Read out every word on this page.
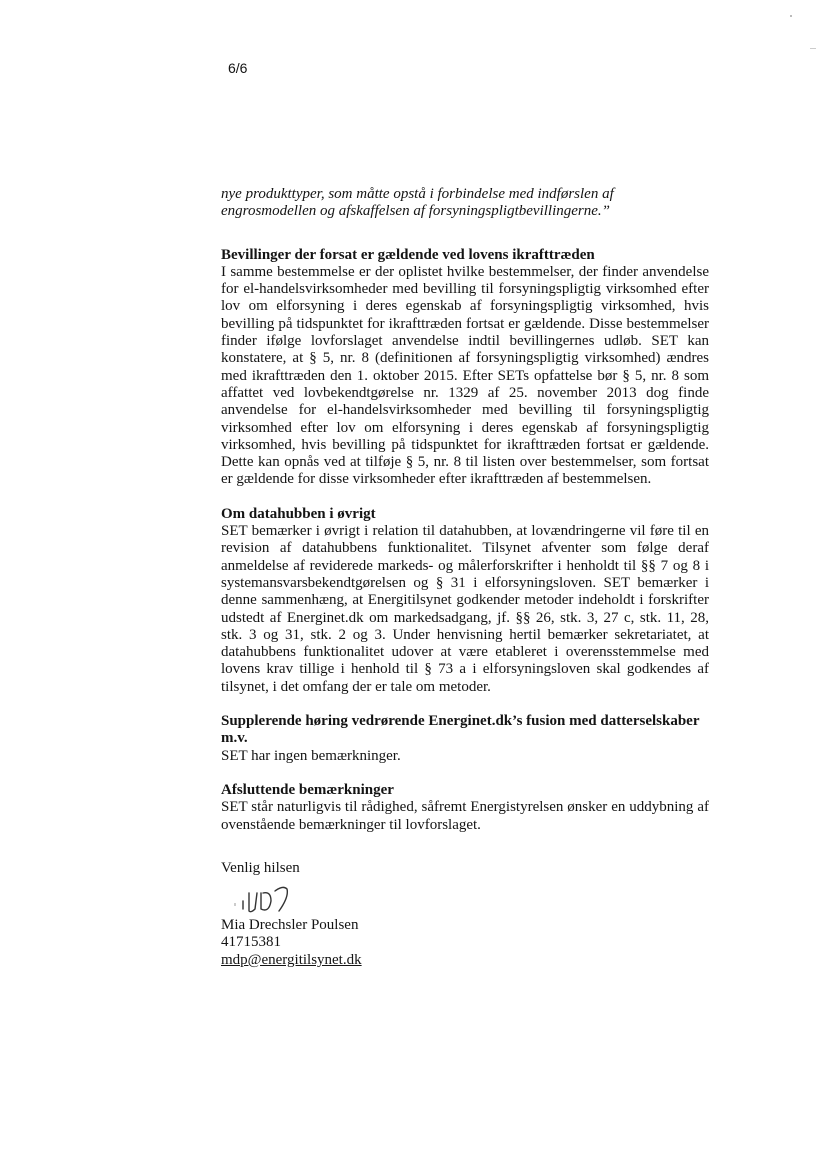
6/6

nye produkttyper, som måtte opstå i forbindelse med indførslen af engrosmodellen og afskaffelsen af forsyningspligtbevillingerne.”

Bevillinger der forsat er gældende ved lovens ikrafttræden

I samme bestemmelse er der oplistet hvilke bestemmelser, der finder anvendelse for el-handelsvirksomheder med bevilling til forsyningspligtig virksomhed efter lov om elforsyning i deres egenskab af forsyningspligtig virksomhed, hvis bevilling på tidspunktet for ikrafttræden fortsat er gældende. Disse bestemmelser finder ifølge lovforslaget anvendelse indtil bevillingernes udløb. SET kan konstatere, at § 5, nr. 8 (definitionen af forsyningspligtig virksomhed) ændres med ikrafttræden den 1. oktober 2015. Efter SETs opfattelse bør § 5, nr. 8 som affattet ved lovbekendtgørelse nr. 1329 af 25. november 2013 dog finde anvendelse for el-handelsvirksomheder med bevilling til forsyningspligtig virksomhed efter lov om elforsyning i deres egenskab af forsyningspligtig virksomhed, hvis bevilling på tidspunktet for ikrafttræden fortsat er gældende. Dette kan opnås ved at tilføje § 5, nr. 8 til listen over bestemmelser, som fortsat er gældende for disse virksomheder efter ikrafttræden af bestemmelsen.

Om datahubben i øvrigt

SET bemærker i øvrigt i relation til datahubben, at lovændringerne vil føre til en revision af datahubbens funktionalitet. Tilsynet afventer som følge deraf anmeldelse af reviderede markeds- og målerforskrifter i henholdt til §§ 7 og 8 i systemansvarsbekendtgørelsen og § 31 i elforsyningsloven. SET bemærker i denne sammenhæng, at Energitilsynet godkender metoder indeholdt i forskrifter udstedt af Energinet.dk om markedsadgang, jf. §§ 26, stk. 3, 27 c, stk. 11, 28, stk. 3 og 31, stk. 2 og 3. Under henvisning hertil bemærker sekretariatet, at datahubbens funktionalitet udover at være etableret i overensstemmelse med lovens krav tillige i henhold til § 73 a i elforsyningsloven skal godkendes af tilsynet, i det omfang der er tale om metoder.

Supplerende høring vedrørende Energinet.dk’s fusion med datterselskaber m.v.

SET har ingen bemærkninger.

Afsluttende bemærkninger

SET står naturligvis til rådighed, såfremt Energistyrelsen ønsker en uddybning af ovenstående bemærkninger til lovforslaget.

Venlig hilsen

Mia Drechsler Poulsen

41715381

mdp@energitilsynet.dk
